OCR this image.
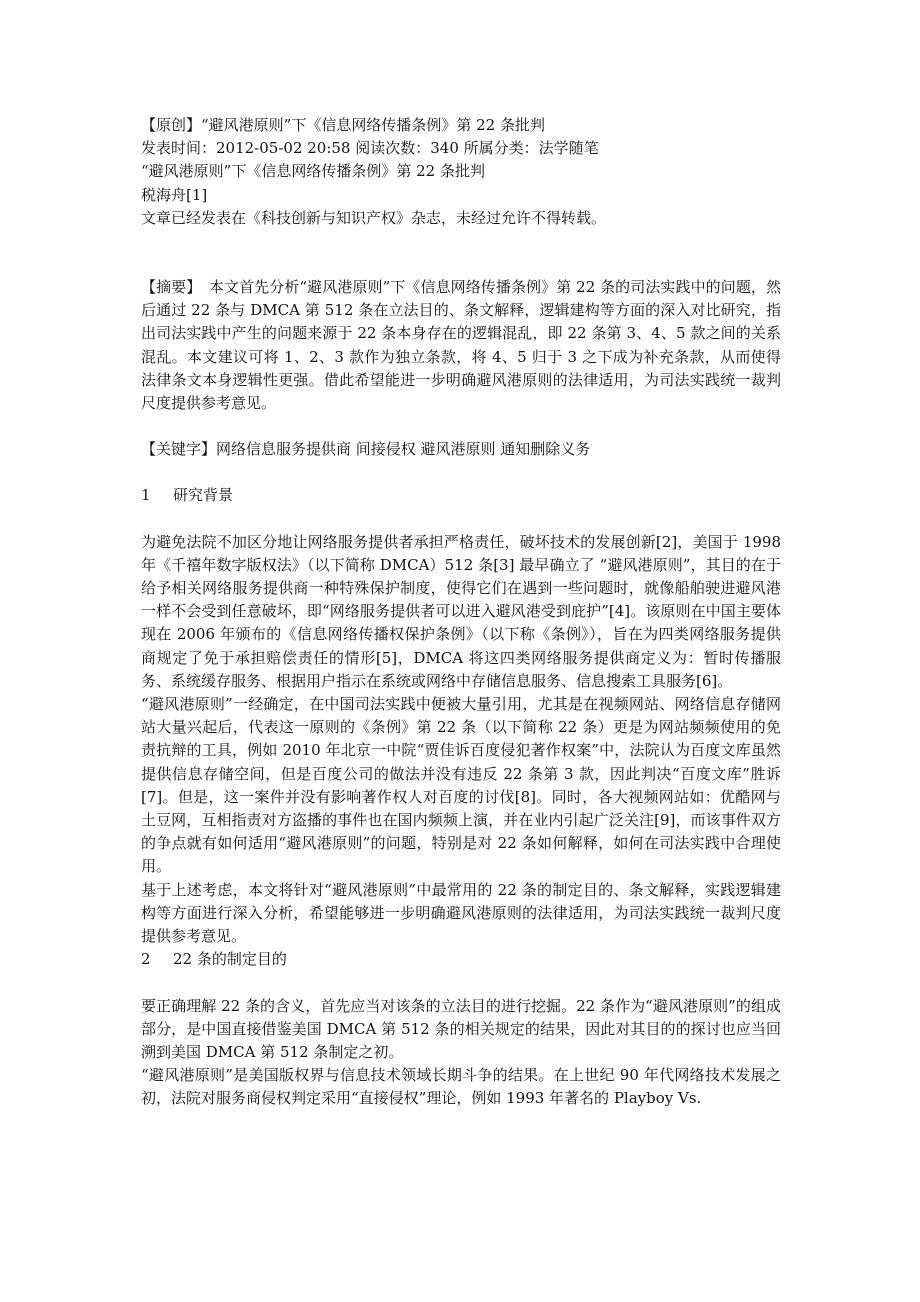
【原创】“避风港原则”下《信息网络传播条例》第 22 条批判
发表时间：2012-05-02 20:58 阅读次数：340 所属分类：法学随笔
“避风港原则”下《信息网络传播条例》第 22 条批判
税海舟[1]
文章已经发表在《科技创新与知识产权》杂志，未经过允许不得转载。
【摘要】　本文首先分析“避风港原则”下《信息网络传播条例》第 22 条的司法实践中的问题，然后通过 22 条与 DMCA 第 512 条在立法目的、条文解释，逻辑建构等方面的深入对比研究，指出司法实践中产生的问题来源于 22 条本身存在的逻辑混乱，即 22 条第 3、4、5 款之间的关系混乱。本文建议可将 1、2、3 款作为独立条款，将 4、5 归于 3 之下成为补充条款，从而使得法律条文本身逻辑性更强。借此希望能进一步明确避风港原则的法律适用，为司法实践统一裁判尺度提供参考意见。
【关键字】网络信息服务提供商 间接侵权 避风港原则 通知删除义务
1 研究背景
为避免法院不加区分地让网络服务提供者承担严格责任，破坏技术的发展创新[2]，美国于 1998 年《千禧年数字版权法》（以下简称 DMCA）512 条[3] 最早确立了 “避风港原则”，其目的在于给予相关网络服务提供商一种特殊保护制度，使得它们在遇到一些问题时，就像船舶驶进避风港一样不会受到任意破坏，即“网络服务提供者可以进入避风港受到庇护”[4]。该原则在中国主要体现在 2006 年颁布的《信息网络传播权保护条例》（以下称《条例》），旨在为四类网络服务提供商规定了免于承担赔偿责任的情形[5]，DMCA 将这四类网络服务提供商定义为：暂时传播服务、系统缓存服务、根据用户指示在系统或网络中存储信息服务、信息搜索工具服务[6]。
“避风港原则”一经确定，在中国司法实践中便被大量引用，尤其是在视频网站、网络信息存储网站大量兴起后，代表这一原则的《条例》第 22 条（以下简称 22 条）更是为网站频频使用的免责抗辩的工具，例如 2010 年北京一中院“贾佳诉百度侵犯著作权案”中，法院认为百度文库虽然提供信息存储空间，但是百度公司的做法并没有违反 22 条第 3 款，因此判决“百度文库”胜诉[7]。但是，这一案件并没有影响著作权人对百度的讨伐[8]。同时，各大视频网站如：优酷网与土豆网，互相指责对方盗播的事件也在国内频频上演，并在业内引起广泛关注[9]，而该事件双方的争点就有如何适用“避风港原则”的问题，特别是对 22 条如何解释，如何在司法实践中合理使用。
基于上述考虑，本文将针对“避风港原则”中最常用的 22 条的制定目的、条文解释，实践逻辑建构等方面进行深入分析，希望能够进一步明确避风港原则的法律适用，为司法实践统一裁判尺度提供参考意见。
2 22 条的制定目的
要正确理解 22 条的含义，首先应当对该条的立法目的进行挖掘。22 条作为“避风港原则”的组成部分，是中国直接借鉴美国 DMCA 第 512 条的相关规定的结果，因此对其目的的探讨也应当回溯到美国 DMCA 第 512 条制定之初。
“避风港原则”是美国版权界与信息技术领域长期斗争的结果。在上世纪 90 年代网络技术发展之初，法院对服务商侵权判定采用“直接侵权”理论，例如 1993 年著名的 Playboy Vs.
